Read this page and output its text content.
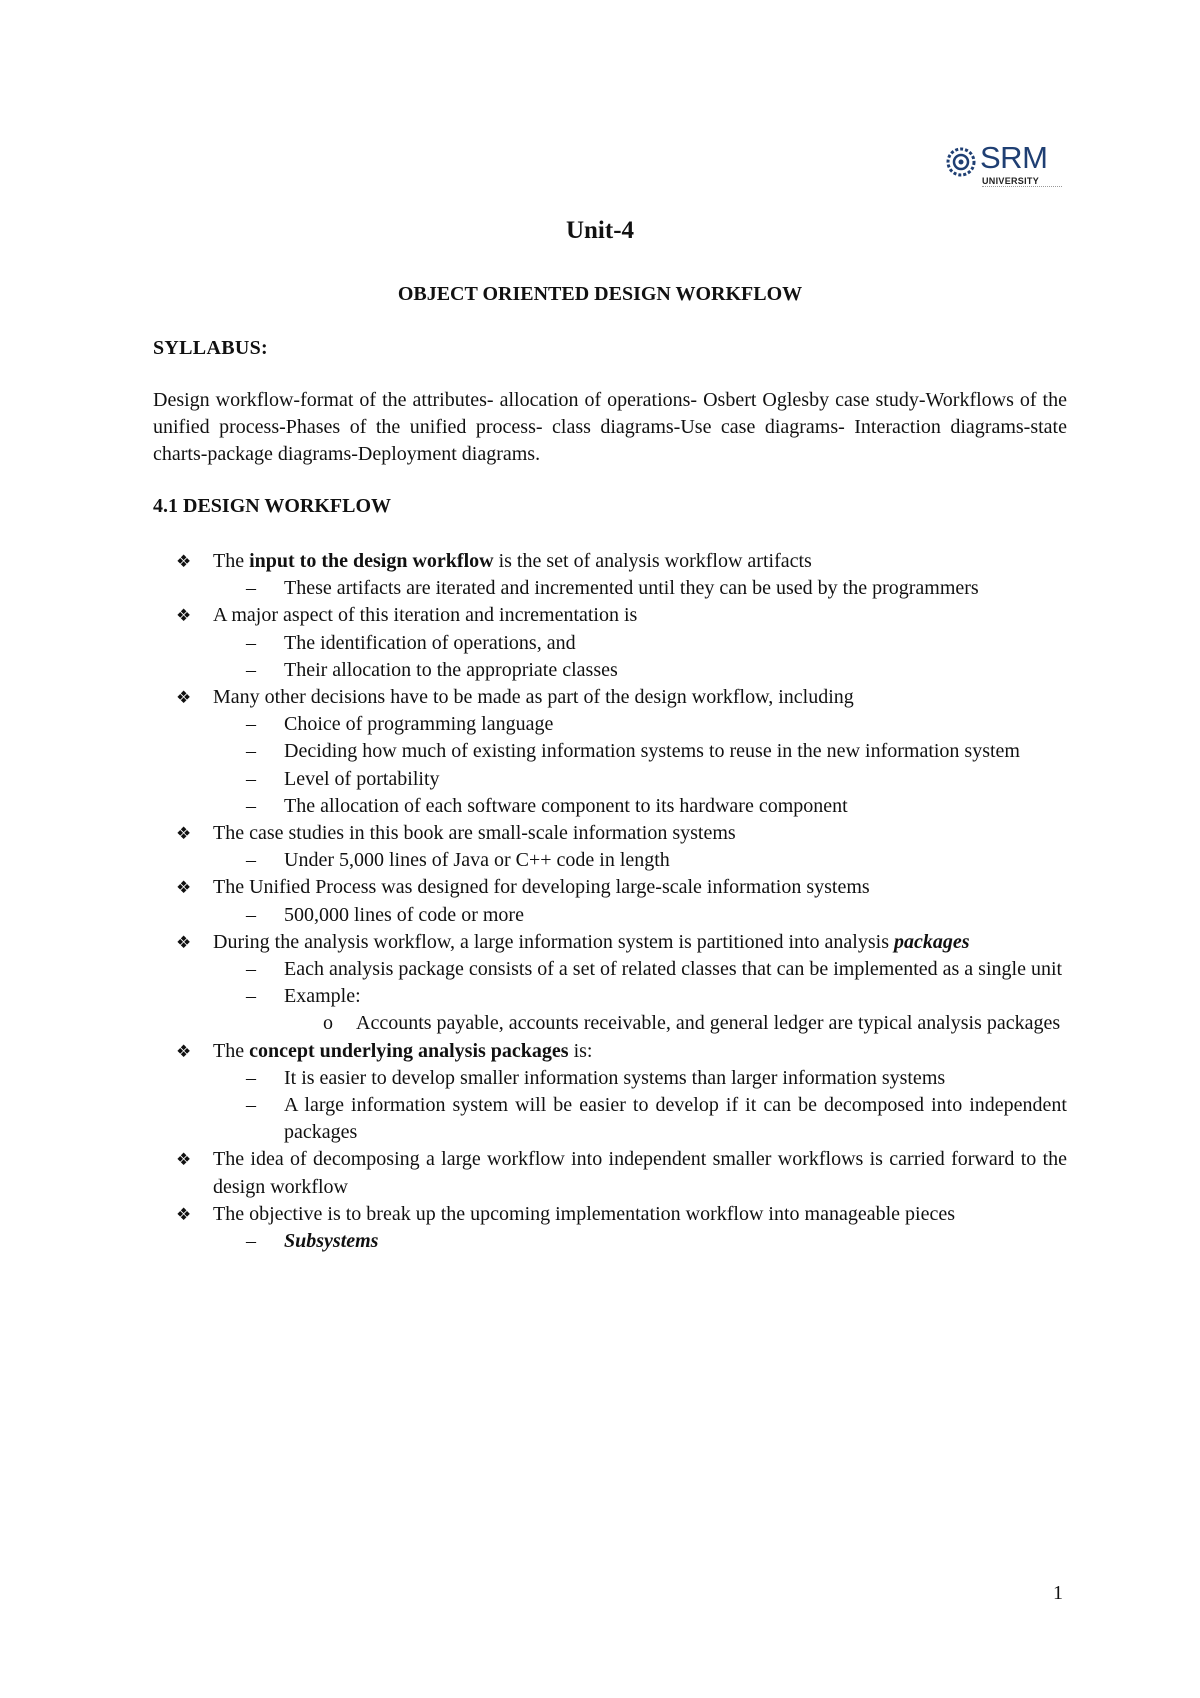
SRM
UNIVERSITY
Unit-4
OBJECT ORIENTED DESIGN WORKFLOW
SYLLABUS:
Design workflow-format of the attributes- allocation of operations- Osbert Oglesby case study-Workflows of the unified process-Phases of the unified process- class diagrams-Use case diagrams- Interaction diagrams-state charts-package diagrams-Deployment diagrams.
4.1 DESIGN WORKFLOW

❖ The input to the design workflow is the set of analysis workflow artifacts

– These artifacts are iterated and incremented until they can be used by the programmers

❖ A major aspect of this iteration and incrementation is

– The identification of operations, and

– Their allocation to the appropriate classes

❖ Many other decisions have to be made as part of the design workflow, including

– Choice of programming language

– Deciding how much of existing information systems to reuse in the new information system

– Level of portability

– The allocation of each software component to its hardware component

❖ The case studies in this book are small-scale information systems

– Under 5,000 lines of Java or C++ code in length

❖ The Unified Process was designed for developing large-scale information systems

– 500,000 lines of code or more

❖ During the analysis workflow, a large information system is partitioned into analysis packages

– Each analysis package consists of a set of related classes that can be implemented as a single unit

– Example:

o Accounts payable, accounts receivable, and general ledger are typical analysis packages

❖ The concept underlying analysis packages is:

– It is easier to develop smaller information systems than larger information systems

– A large information system will be easier to develop if it can be decomposed into independent packages

❖ The idea of decomposing a large workflow into independent smaller workflows is carried forward to the design workflow

❖ The objective is to break up the upcoming implementation workflow into manageable pieces

– Subsystems

1
